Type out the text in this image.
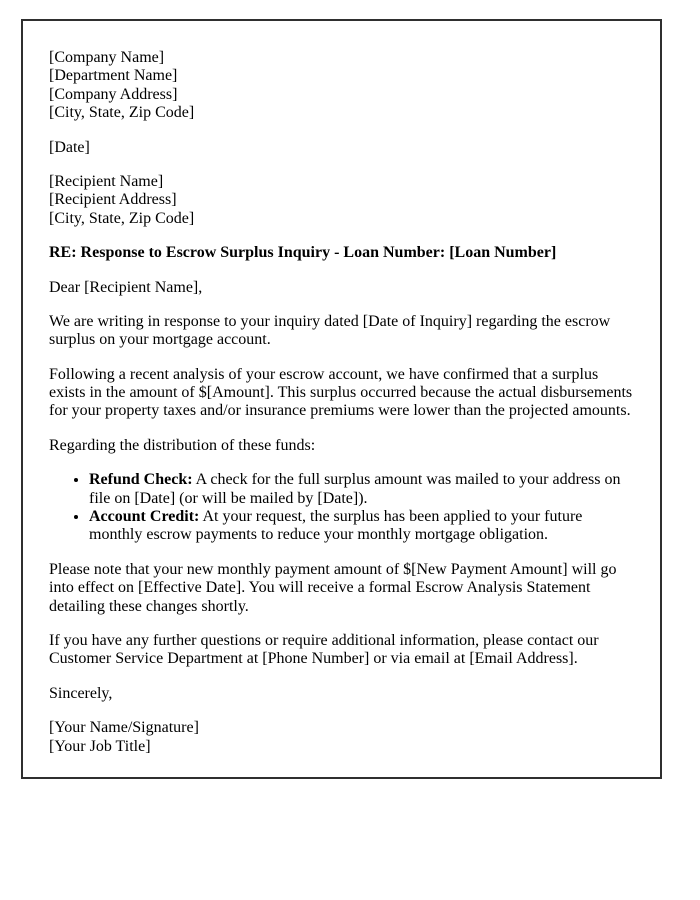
[Company Name]
[Department Name]
[Company Address]
[City, State, Zip Code]

[Date]

[Recipient Name]
[Recipient Address]
[City, State, Zip Code]

RE: Response to Escrow Surplus Inquiry - Loan Number: [Loan Number]

Dear [Recipient Name],

We are writing in response to your inquiry dated [Date of Inquiry] regarding the escrow surplus on your mortgage account.

Following a recent analysis of your escrow account, we have confirmed that a surplus exists in the amount of $[Amount]. This surplus occurred because the actual disbursements for your property taxes and/or insurance premiums were lower than the projected amounts.

Regarding the distribution of these funds:

• Refund Check: A check for the full surplus amount was mailed to your address on file on [Date] (or will be mailed by [Date]).
• Account Credit: At your request, the surplus has been applied to your future monthly escrow payments to reduce your monthly mortgage obligation.

Please note that your new monthly payment amount of $[New Payment Amount] will go into effect on [Effective Date]. You will receive a formal Escrow Analysis Statement detailing these changes shortly.

If you have any further questions or require additional information, please contact our Customer Service Department at [Phone Number] or via email at [Email Address].

Sincerely,

[Your Name/Signature]
[Your Job Title]
